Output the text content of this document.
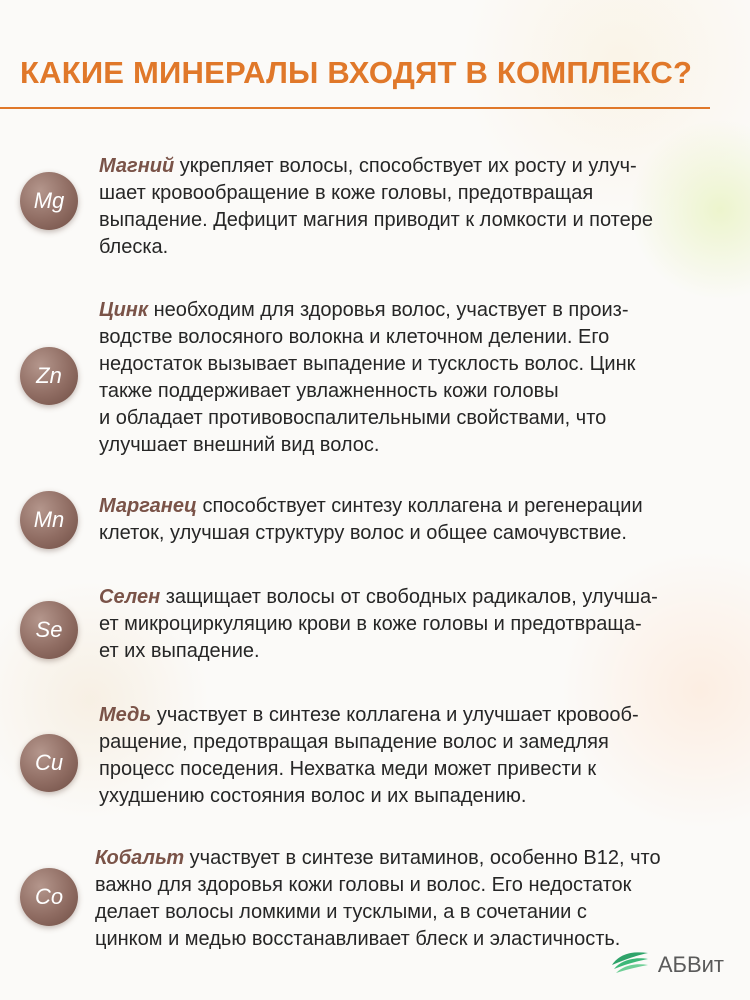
КАКИЕ МИНЕРАЛЫ ВХОДЯТ В КОМПЛЕКС?
Mg
Магний укрепляет волосы, способствует их росту и улуч-
шает кровообращение в коже головы, предотвращая
выпадение. Дефицит магния приводит к ломкости и потере
блеска.
Zn
Цинк необходим для здоровья волос, участвует в произ-
водстве волосяного волокна и клеточном делении. Его
недостаток вызывает выпадение и тусклость волос. Цинк
также поддерживает увлажненность кожи головы
и обладает противовоспалительными свойствами, что
улучшает внешний вид волос.
Mn
Марганец способствует синтезу коллагена и регенерации
клеток, улучшая структуру волос и общее самочувствие.
Se
Селен защищает волосы от свободных радикалов, улучша-
ет микроциркуляцию крови в коже головы и предотвраща-
ет их выпадение.
Cu
Медь участвует в синтезе коллагена и улучшает кровооб-
ращение, предотвращая выпадение волос и замедляя
процесс поседения. Нехватка меди может привести к
ухудшению состояния волос и их выпадению.
Co
Кобальт участвует в синтезе витаминов, особенно B12, что
важно для здоровья кожи головы и волос. Его недостаток
делает волосы ломкими и тусклыми, а в сочетании с
цинком и медью восстанавливает блеск и эластичность.
АБВит
